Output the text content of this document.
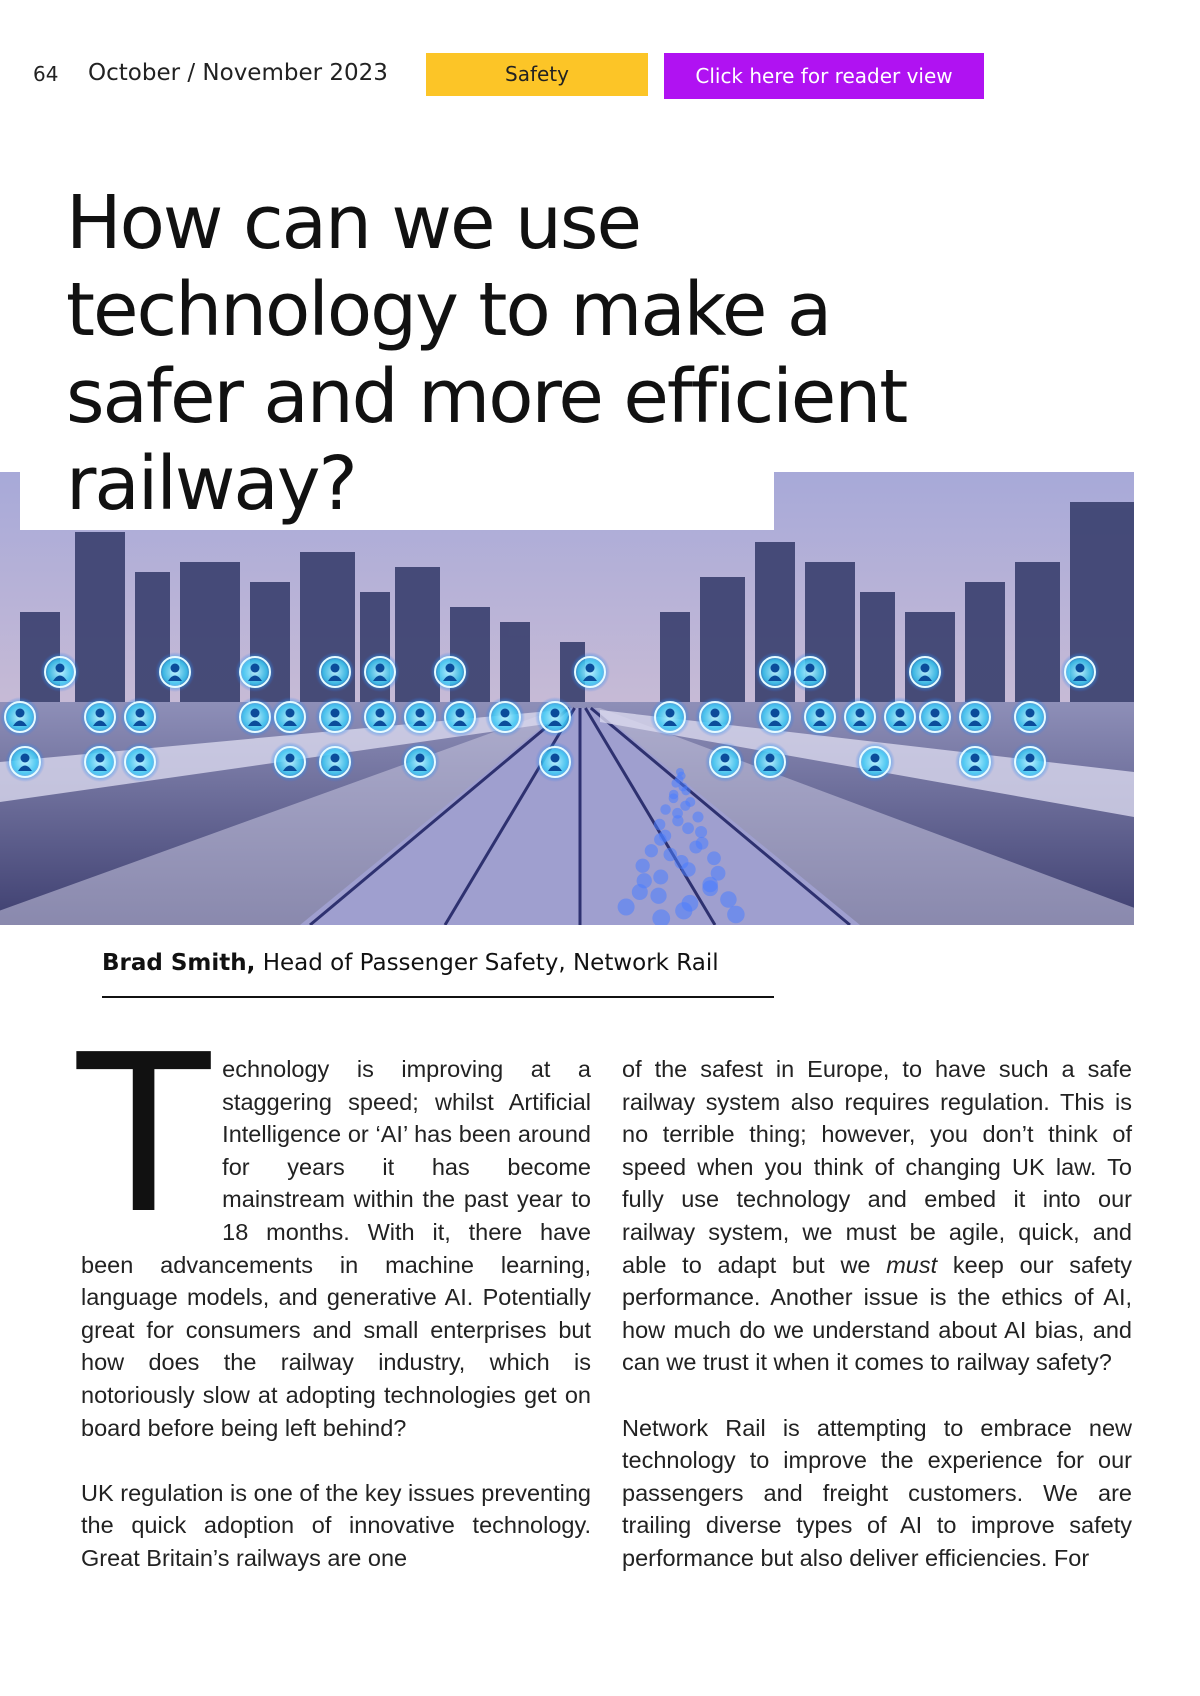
64 October / November 2023	Safety	Click here for reader view
How can we use technology to make a safer and more efficient railway?
Brad Smith, Head of Passenger Safety, Network Rail

Technology is improving at a staggering speed; whilst Artificial Intelligence or ‘AI’ has been around for years it has become mainstream within the past year to 18 months. With it, there have been advancements in machine learning, language models, and generative AI. Potentially great for consumers and small enterprises but how does the railway industry, which is notoriously slow at adopting technologies get on board before being left behind?

UK regulation is one of the key issues preventing the quick adoption of innovative technology. Great Britain’s railways are one

of the safest in Europe, to have such a safe railway system also requires regulation. This is no terrible thing; however, you don’t think of speed when you think of changing UK law. To fully use technology and embed it into our railway system, we must be agile, quick, and able to adapt but we must keep our safety performance. Another issue is the ethics of AI, how much do we understand about AI bias, and can we trust it when it comes to railway safety?

Network Rail is attempting to embrace new technology to improve the experience for our passengers and freight customers. We are trailing diverse types of AI to improve safety performance but also deliver efficiencies. For
